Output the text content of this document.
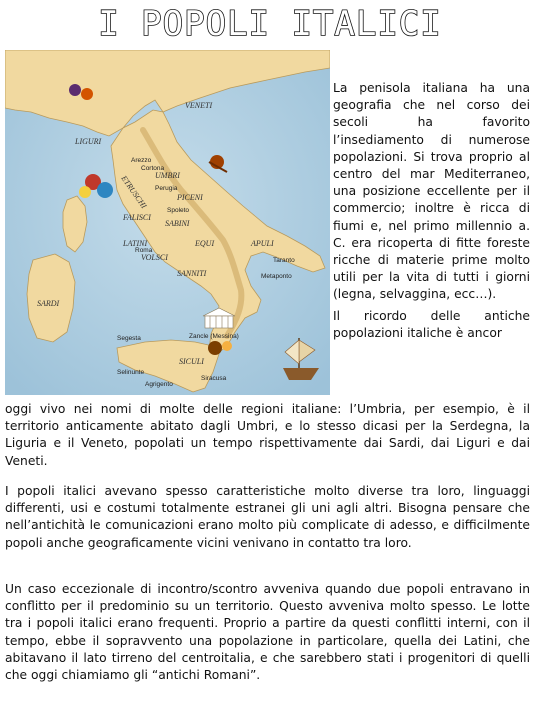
I POPOLI ITALICI
LIGURI
VENETI
ETRUSCHI UMBRI
PICENI
SABINI
VOLSCI
LATINI	EQUI
SANNITI
SICULI
SARDI
APULI
FALISCI
Roma
Arezzo
Perugia
Spoleto
Cortona
Metaponto
Taranto
Segesta	Zancle (Messina)
Siracusa
Agrigento
Selinunte

La penisola italiana ha una geografia che nel corso dei secoli ha favorito l’insediamento di numerose popolazioni. Si trova proprio al centro del mar Mediterraneo, una posizione eccellente per il commercio; inoltre è ricca di fiumi e, nel primo millennio a. C. era ricoperta di fitte foreste ricche di materie prime molto utili per la vita di tutti i giorni (legna, selvaggina, ecc…).

Il ricordo delle antiche popolazioni italiche è ancor

oggi vivo nei nomi di molte delle regioni italiane: l’Umbria, per esempio, è il territorio anticamente abitato dagli Umbri, e lo stesso dicasi per la Serdegna, la Liguria e il Veneto, popolati un tempo rispettivamente dai Sardi, dai Liguri e dai Veneti.

I popoli italici avevano spesso caratteristiche molto diverse tra loro, linguaggi differenti, usi e costumi totalmente estranei gli uni agli altri. Bisogna pensare che nell’antichità le comunicazioni erano molto più complicate di adesso, e difficilmente popoli anche geograficamente vicini venivano in contatto tra loro.

Un caso eccezionale di incontro/scontro avveniva quando due popoli entravano in conflitto per il predominio su un territorio. Questo avveniva molto spesso. Le lotte tra i popoli italici erano frequenti. Proprio a partire da questi conflitti interni, con il tempo, ebbe il sopravvento una popolazione in particolare, quella dei Latini, che abitavano il lato tirreno del centroitalia, e che sarebbero stati i progenitori di quelli che oggi chiamiamo gli “antichi Romani”.
